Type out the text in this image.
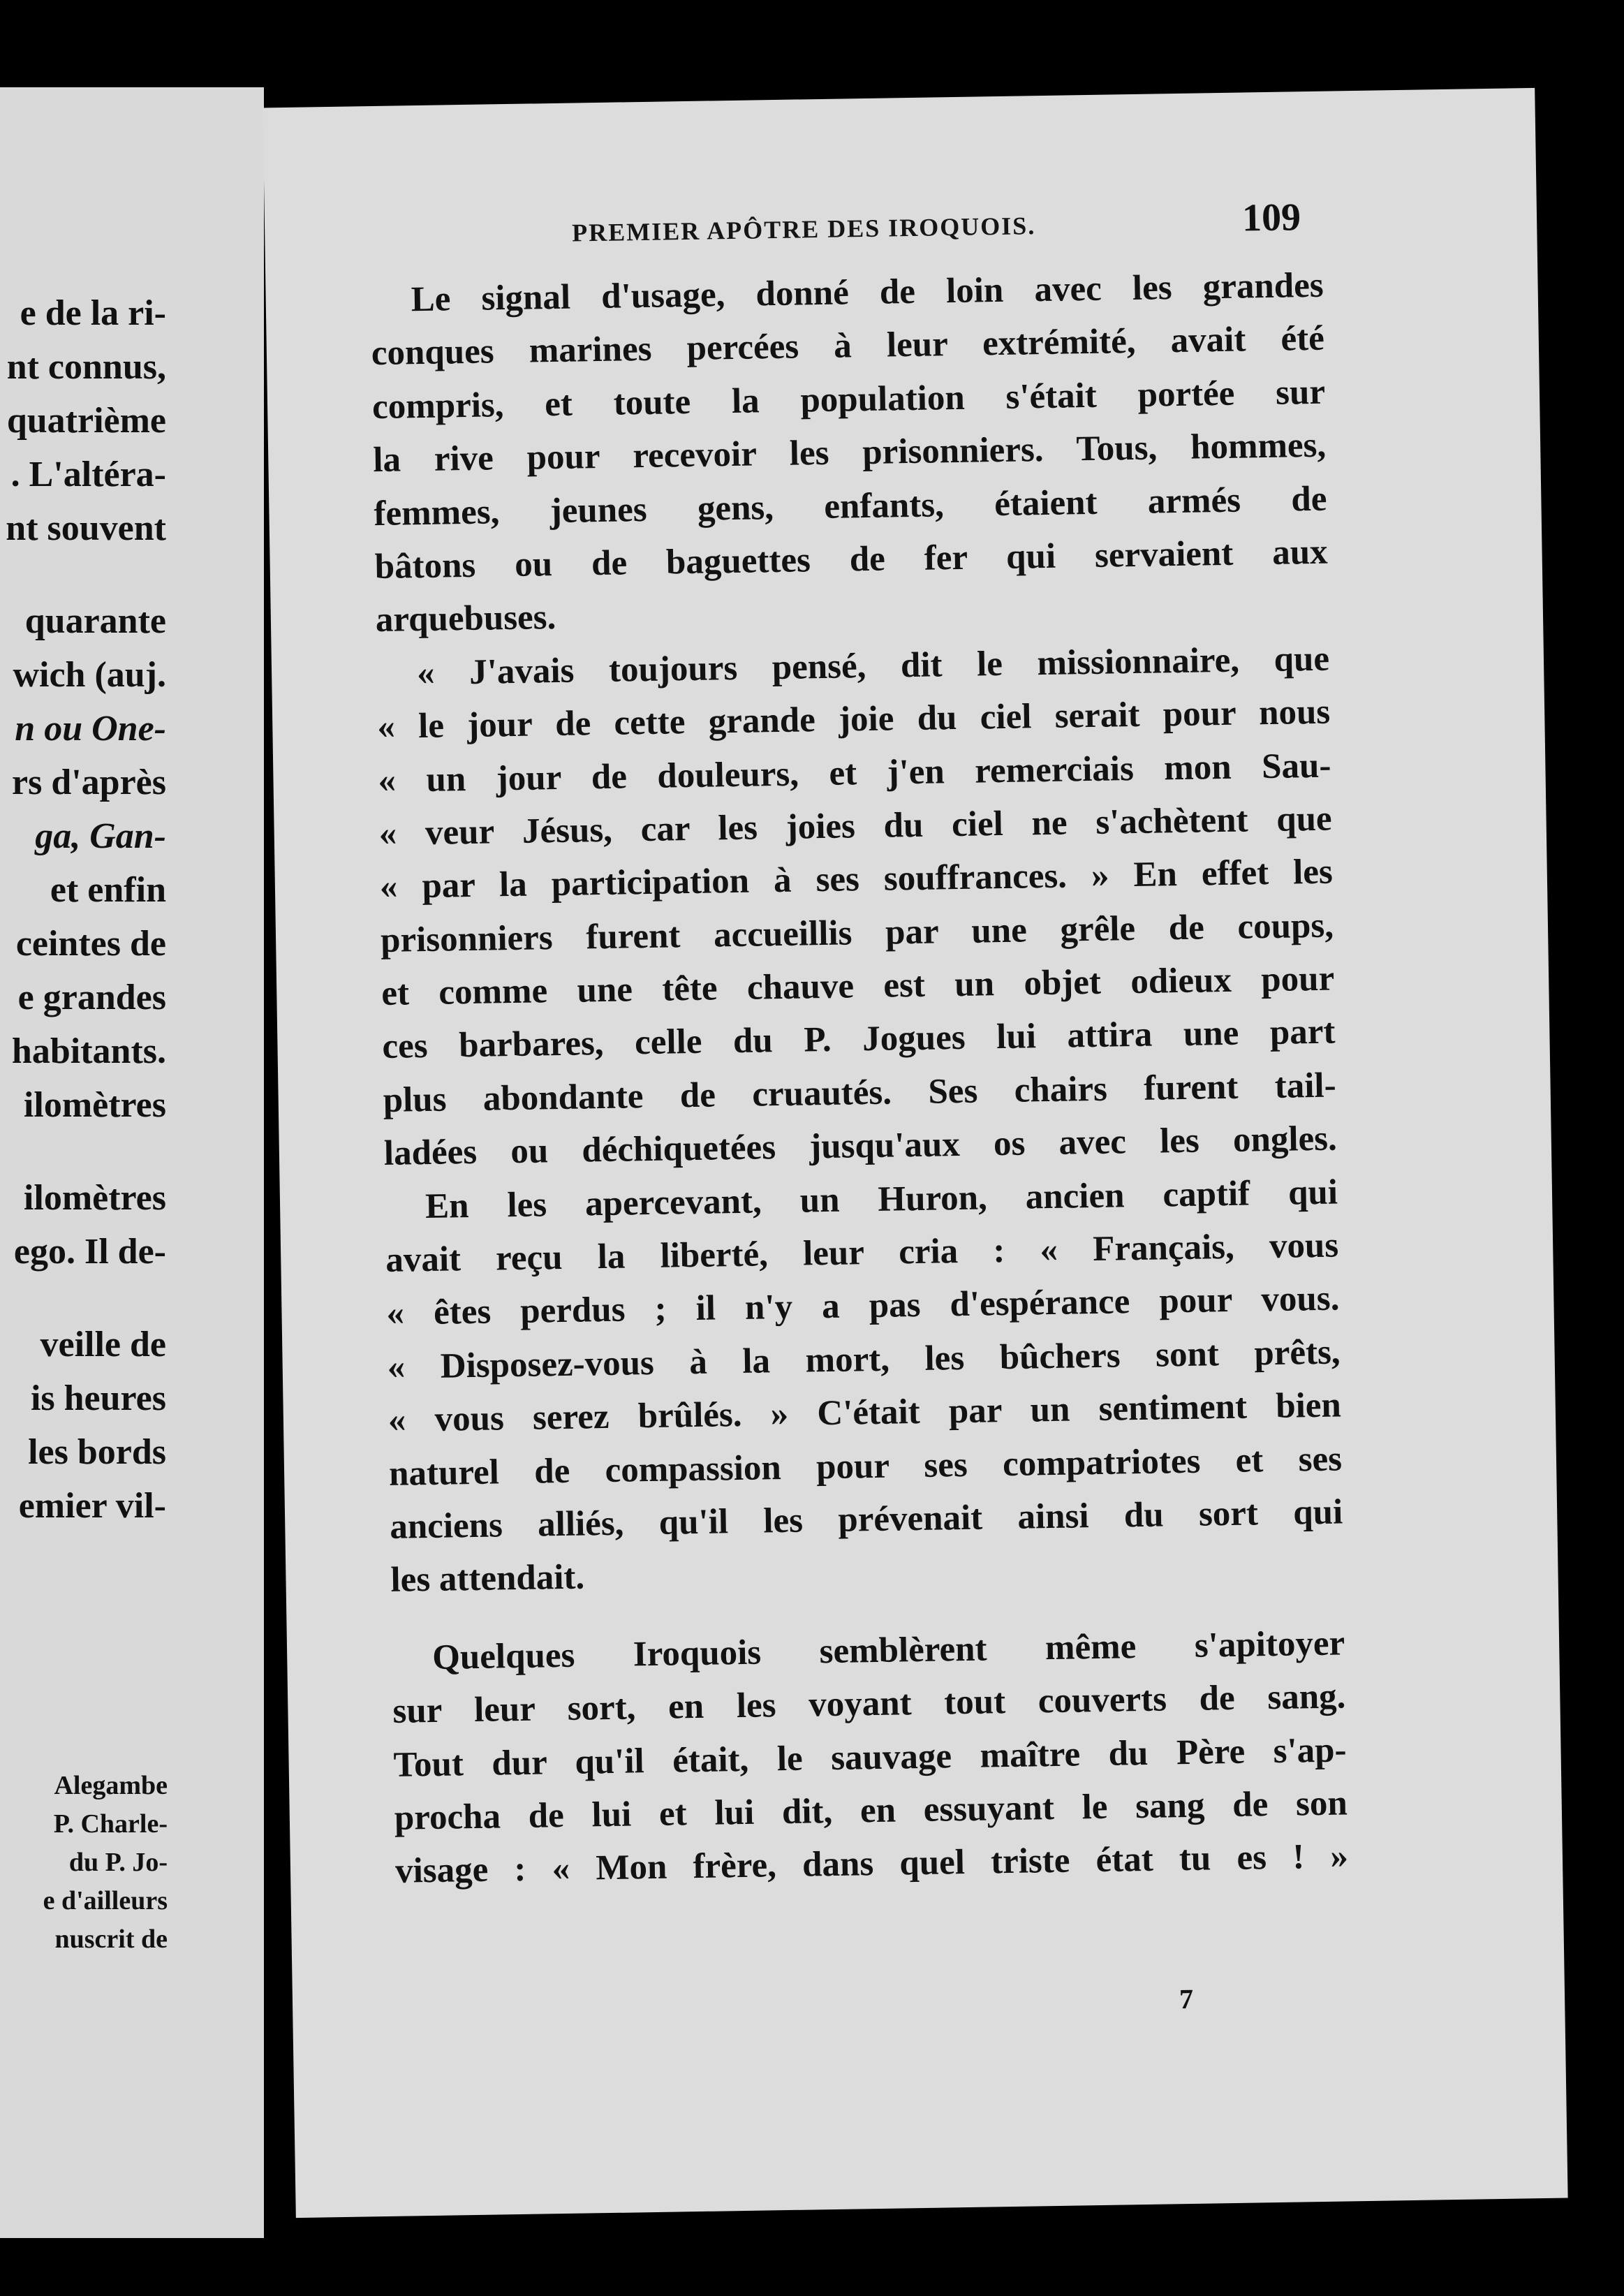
e de la ri-
nt connus,
quatrième
. L'altéra-
nt souvent
quarante
wich (auj.
n ou One-
rs d'après
ga, Gan-
et enfin
ceintes de
e grandes
habitants.
ilomètres
ilomètres
ego. Il de-
veille de
is heures
les bords
emier vil-
Alegambe
P. Charle-
du P. Jo-
e d'ailleurs
nuscrit de
PREMIER APÔTRE DES IROQUOIS.	109
Le signal d'usage, donné de loin avec les grandes
conques marines percées à leur extrémité, avait été
compris, et toute la population s'était portée sur
la rive pour recevoir les prisonniers. Tous, hommes,
femmes, jeunes gens, enfants, étaient armés de
bâtons ou de baguettes de fer qui servaient aux
arquebuses.
« J'avais toujours pensé, dit le missionnaire, que
« le jour de cette grande joie du ciel serait pour nous
« un jour de douleurs, et j'en remerciais mon Sau-
« veur Jésus, car les joies du ciel ne s'achètent que
« par la participation à ses souffrances. » En effet les
prisonniers furent accueillis par une grêle de coups,
et comme une tête chauve est un objet odieux pour
ces barbares, celle du P. Jogues lui attira une part
plus abondante de cruautés. Ses chairs furent tail-
ladées ou déchiquetées jusqu'aux os avec les ongles.
En les apercevant, un Huron, ancien captif qui
avait reçu la liberté, leur cria : « Français, vous
« êtes perdus ; il n'y a pas d'espérance pour vous.
« Disposez-vous à la mort, les bûchers sont prêts,
« vous serez brûlés. » C'était par un sentiment bien
naturel de compassion pour ses compatriotes et ses
anciens alliés, qu'il les prévenait ainsi du sort qui
les attendait.
Quelques Iroquois semblèrent même s'apitoyer
sur leur sort, en les voyant tout couverts de sang.
Tout dur qu'il était, le sauvage maître du Père s'ap-
procha de lui et lui dit, en essuyant le sang de son
visage : « Mon frère, dans quel triste état tu es ! »
7
